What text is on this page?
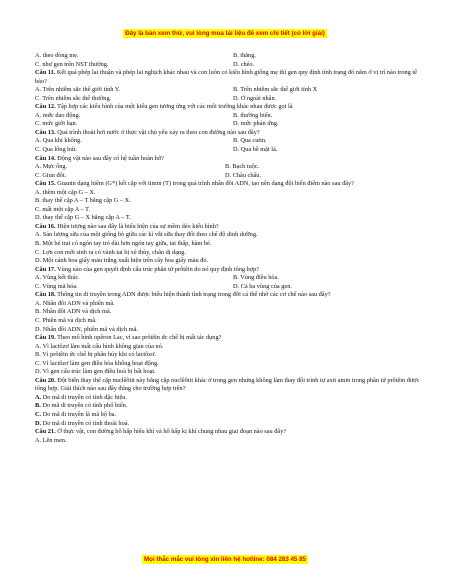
Đây là bản xem thử, vui lòng mua tài liệu để xem chi tiết (có lời giải)
A. theo dòng mẹ.	B. thẳng.
C. như gen trên NST thường.	D. chéo.
Câu 11. Kết quả phép lai thuận và phép lai nghịch khác nhau và con luôn có kiểu hình giống mẹ thì gen quy định tính trạng đó nằm ở vị trí nào trong tế bào?
A. Trên nhiễm sắc thể giới tính Y.	B. Trên nhiễm sắc thể giới tính X
C. Trên nhiễm sắc thể thường.	D. Ở ngoài nhân.
Câu 12. Tập hợp các kiểu hình của một kiểu gen tương ứng với các môi trường khác nhau được gọi là
A. mức dao động.	B. thường biến.
C. mức giới hạn.	D. mức phản ứng.
Câu 13. Quá trình thoát hơi nước ở thực vật chủ yếu xảy ra theo con đường nào sau đây?
A. Qua khí khổng.	B. Qua cutin.
C. Qua lông hút.	D. Qua bề mặt lá.
Câu 14. Động vật nào sau đây có hệ tuần hoàn hở?
A. Mực ống.	B. Bạch tuộc.
C. Giun đốt.	D. Châu chấu.
Câu 15. Guanin dạng hiếm (G*) kết cặp với timin (T) trong quá trình nhân đôi ADN, tạo nên dạng đột biến điểm nào sau đây?
A. thêm một cặp G – X.
B. thay thế cặp A – T bằng cặp G – X.
C. mất một cặp A – T.
D. thay thế cặp G – X bằng cặp A – T.
Câu 16. Hiện tượng nào sau đây là biểu hiện của sự mềm dẻo kiểu hình?
A. Sản lượng sữa của một giống bò giữa các kì vắt sữa thay đổi theo chế độ dinh dưỡng.
B. Một bé trai có ngón tay trỏ dài hơn ngón tay giữa, tai thấp, hàm bé.
C. Lợn con mới sinh ra có vành tai bị xẻ thùy, chân dị dạng.
D. Một cánh hoa giấy màu trắng xuất hiện trên cây hoa giấy màu đỏ.
Câu 17. Vùng nào của gen quyết định cấu trúc phân tử prôtêin do nó quy định tổng hợp?
A. Vùng kết thúc.	B. Vùng điều hòa.
C. Vùng mã hóa.	D. Cả ba vùng của gen.
Câu 18. Thông tin di truyền trong ADN được biểu hiện thành tính trạng trong đời cá thể nhờ các cơ chế nào sau đây?
A. Nhân đôi ADN và phiên mã.
B. Nhân đôi ADN và dịch mã.
C. Phiên mã và dịch mã.
D. Nhân đôi ADN, phiên mã và dịch mã.
Câu 19. Theo mô hình opêron Lac, vì sao prôtêin ức chế bị mất tác dụng?
A. Vì lactôzơ làm mất cấu hình không gian của nó.
B. Vì prôtêin ức chế bị phân hủy khi có lactôzơ.
C. Vì lactôzơ làm gen điều hòa không hoạt động.
D. Vì gen cấu trúc làm gen điều hoà bị bất hoạt.
Câu 20. Đột biến thay thế cặp nuclêôtit này bằng cặp nuclêôtit khác ở trong gen nhưng không làm thay đổi trình tự axit amin trong phân tử prôtêin được tổng hợp. Giải thích nào sau đây đúng cho trường hợp trên?
A. Do mã di truyền có tính đặc hiệu.
B. Do mã di truyền có tính phổ biến.
C. Do mã di truyền là mã bộ ba.
D. Do mã di truyền có tính thoái hoá.
Câu 21. Ở thực vật, con đường hô hấp hiếu khí và hô hấp kị khí chung nhau giai đoạn nào sau đây?
A. Lên men.
Mọi thắc mắc vui lòng xin liên hệ hotline: 084 283 45 85
